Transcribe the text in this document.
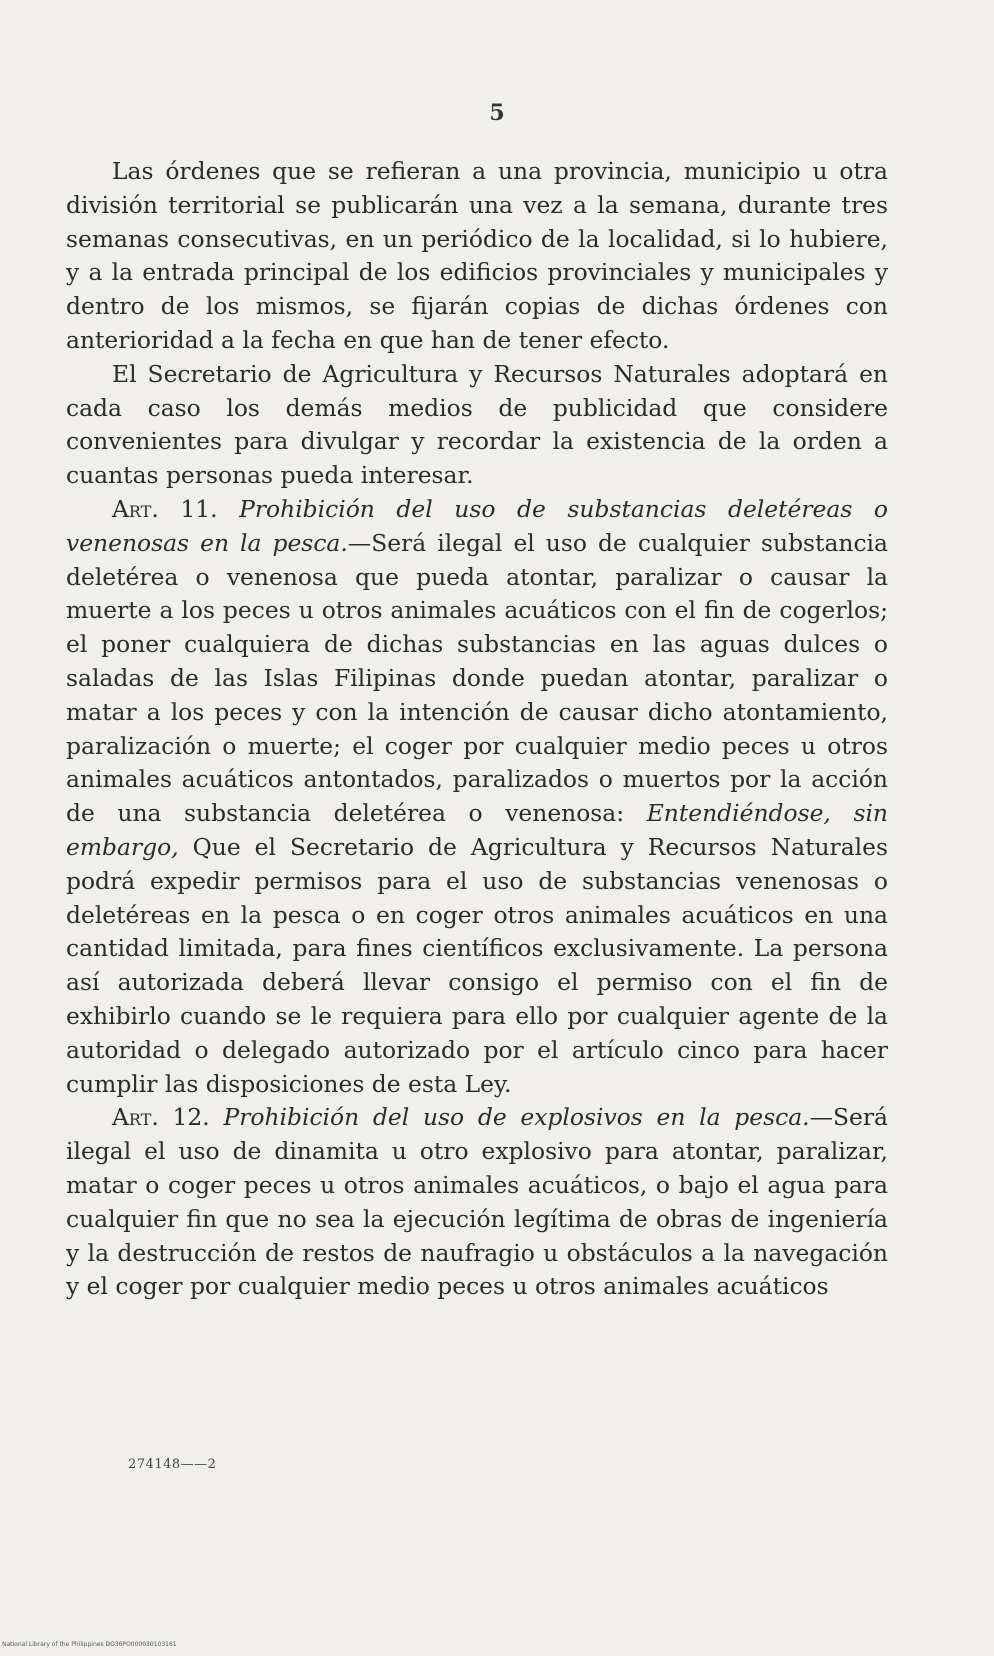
5

Las órdenes que se refieran a una provincia, municipio u otra división territorial se publicarán una vez a la semana, durante tres semanas consecutivas, en un periódico de la localidad, si lo hubiere, y a la entrada principal de los edificios provinciales y municipales y dentro de los mismos, se fijarán copias de dichas órdenes con anterioridad a la fecha en que han de tener efecto.

El Secretario de Agricultura y Recursos Naturales adoptará en cada caso los demás medios de publicidad que considere convenientes para divulgar y recordar la existencia de la orden a cuantas personas pueda interesar.

Art. 11. Prohibición del uso de substancias deletéreas o venenosas en la pesca.—Será ilegal el uso de cualquier substancia deletérea o venenosa que pueda atontar, paralizar o causar la muerte a los peces u otros animales acuáticos con el fin de cogerlos; el poner cualquiera de dichas substancias en las aguas dulces o saladas de las Islas Filipinas donde puedan atontar, paralizar o matar a los peces y con la intención de causar dicho atontamiento, paralización o muerte; el coger por cualquier medio peces u otros animales acuáticos antontados, paralizados o muertos por la acción de una substancia deletérea o venenosa: Entendiéndose, sin embargo, Que el Secretario de Agricultura y Recursos Naturales podrá expedir permisos para el uso de substancias venenosas o deletéreas en la pesca o en coger otros animales acuáticos en una cantidad limitada, para fines científicos exclusivamente. La persona así autorizada deberá llevar consigo el permiso con el fin de exhibirlo cuando se le requiera para ello por cualquier agente de la autoridad o delegado autorizado por el artículo cinco para hacer cumplir las disposiciones de esta Ley.

Art. 12. Prohibición del uso de explosivos en la pesca.—Será ilegal el uso de dinamita u otro explosivo para atontar, paralizar, matar o coger peces u otros animales acuáticos, o bajo el agua para cualquier fin que no sea la ejecución legítima de obras de ingeniería y la destrucción de restos de naufragio u obstáculos a la navegación y el coger por cualquier medio peces u otros animales acuáticos

274148——2
National Library of the Philippines DO36PO000030103161
